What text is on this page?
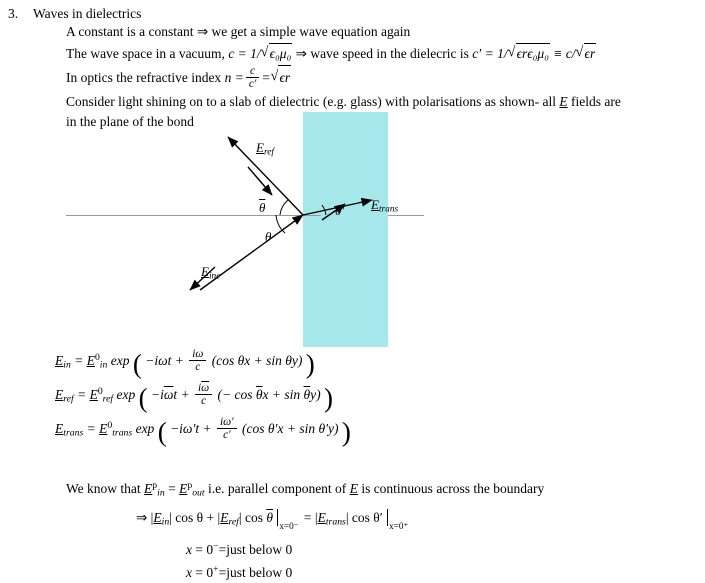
3. Waves in dielectrics
A constant is a constant ⇒ we get a simple wave equation again
The wave space in a vacuum, c = 1/ √ ϵ₀μ₀ ⇒ wave speed in the dielecric is c′ = 1/ √ ϵrϵ₀μ₀ ≡ c/ √ ϵr
In optics the refractive index $n = \frac{c}{c'}$ = √ ϵr
Consider light shining on to a slab of dielectric (e.g. glass) with polarisations as shown- all E fields are
in the plane of the bond
$E_{ref}$
$E_{trans}$
$E_{inc}$
$\overline{\theta}$
θ
θ′
$E_{in} = E^0_{in}$ exp ( $-i\omega t + \frac{i\omega}{c} (\cos$ θx + sin θy) )
$E_{ref} = E^0_{ref}$ exp ( $-i\overline{\omega}t + \frac{i\overline{\omega}}{c}$ (− $\cos \overline{\theta}x + \sin \overline{\theta}y$) )
$E_{trans} = E^0_{trans}$ exp ( $-i\omega't + \frac{i\omega'}{c'} (\cos$ θ′x + sin θ′y) )
We know that $E^p_{in} = E^p_{out}$ i.e. parallel component of E is continuous across the boundary
⇒ $|E_{in}|$ $\cos \theta + |E_{ref}|$ $\cos \overline{\theta}$ $_{x=0^-} = |E_{trans}|$ cos θ′ $_{x=0^+}$
x = 0−=just below 0
x = 0+=just below 0
